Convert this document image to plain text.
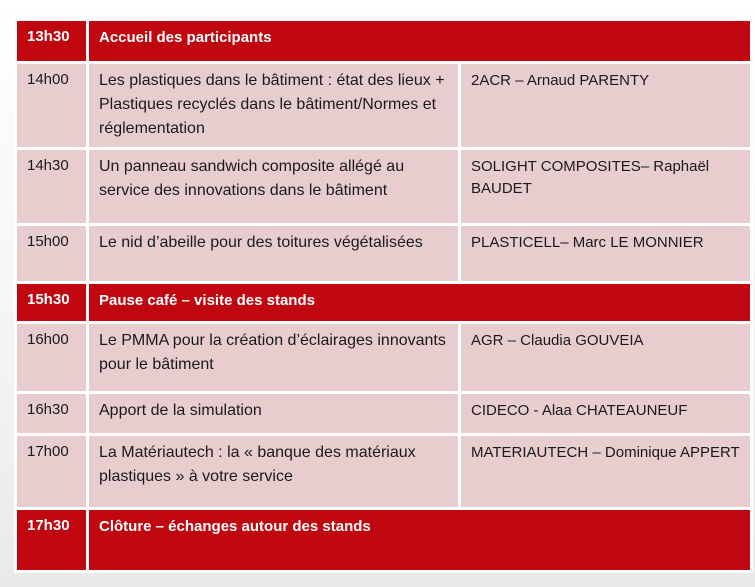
13h30	Accueil des participants	
14h00	Les plastiques dans le bâtiment : état des lieux + Plastiques recyclés dans le bâtiment/Normes et réglementation	2ACR – Arnaud PARENTY
14h30	Un panneau sandwich composite allégé au service des innovations dans le bâtiment	SOLIGHT COMPOSITES– Raphaël BAUDET
15h00	Le nid d’abeille pour des toitures végétalisées	PLASTICELL– Marc LE MONNIER
15h30	Pause café – visite des stands	
16h00	Le PMMA pour la création d’éclairages innovants pour le bâtiment	AGR – Claudia GOUVEIA
16h30	Apport de la simulation	CIDECO - Alaa CHATEAUNEUF
17h00	La Matériautech : la « banque des matériaux plastiques » à votre service	MATERIAUTECH – Dominique APPERT
17h30	Clôture – échanges autour des stands	
